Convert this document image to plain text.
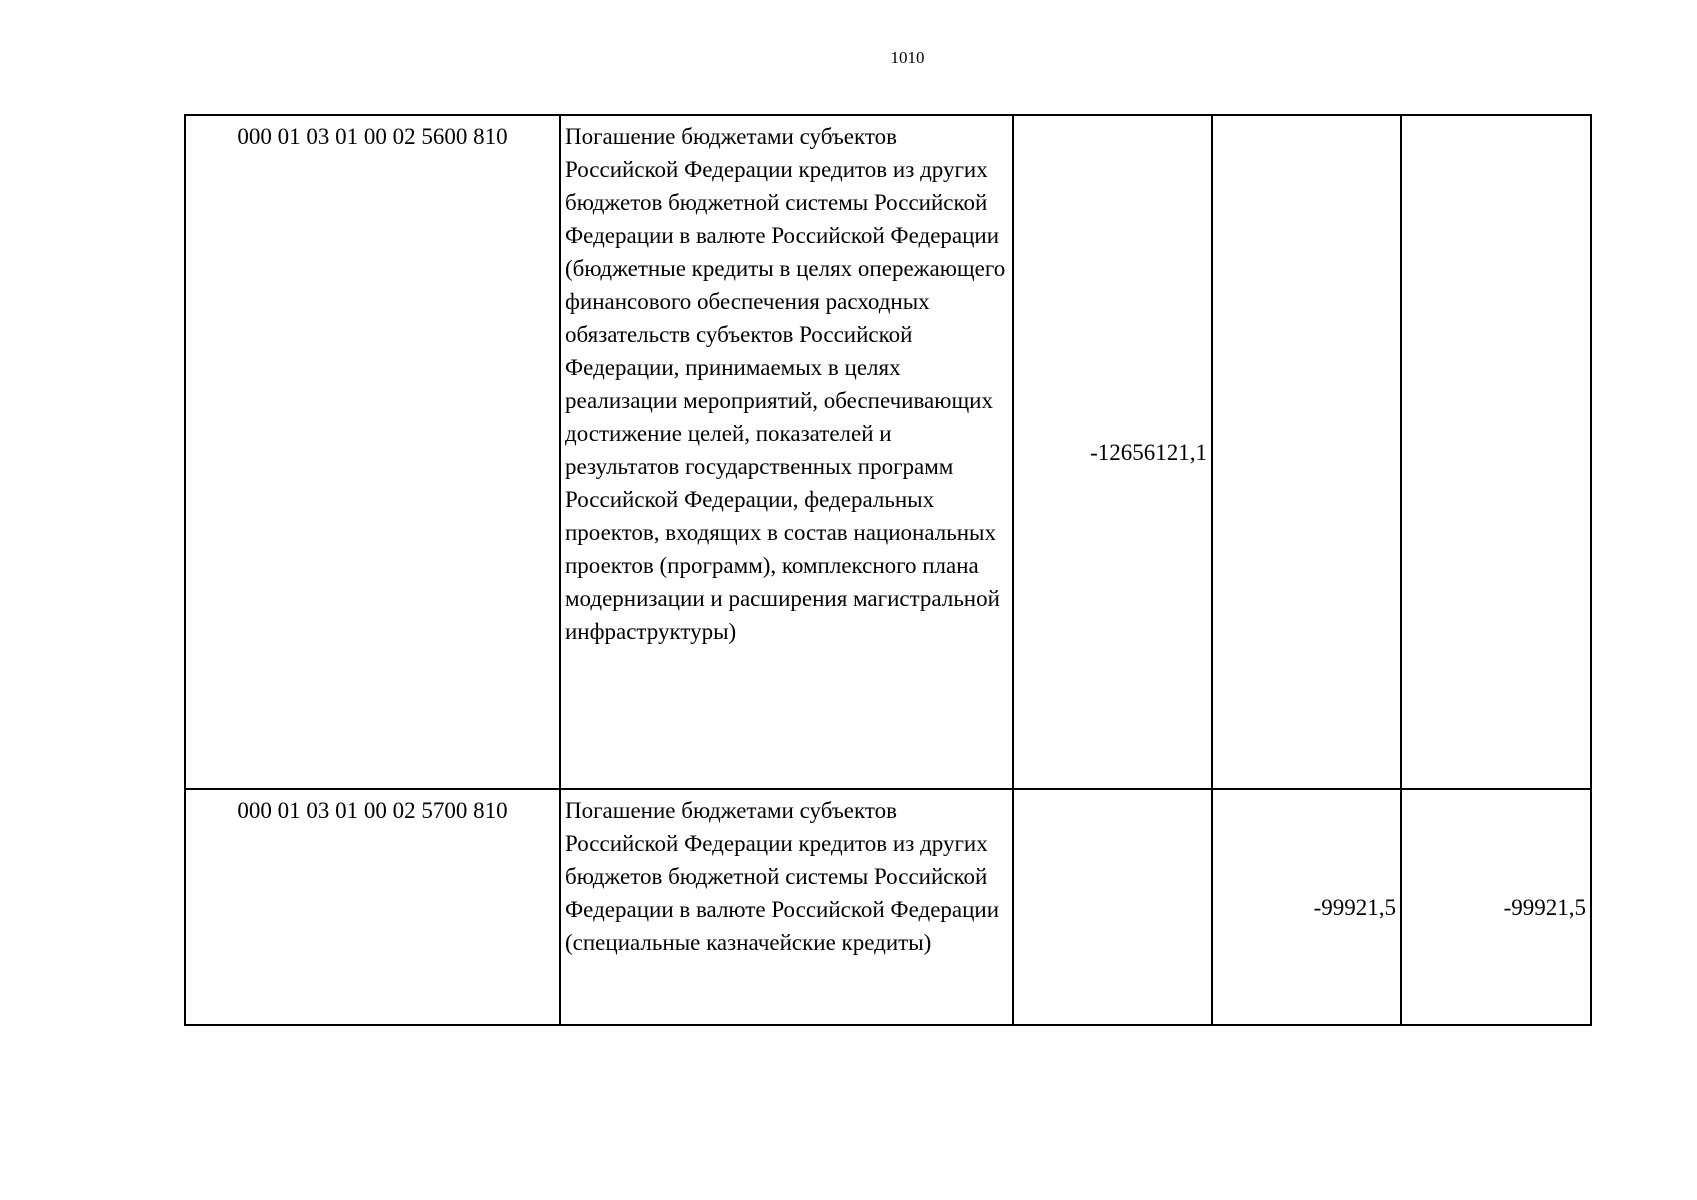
1010
000 01 03 01 00 02 5600 810	Погашение бюджетами субъектов Российской Федерации кредитов из других бюджетов бюджетной системы Российской Федерации в валюте Российской Федерации (бюджетные кредиты в целях опережающего финансового обеспечения расходных обязательств субъектов Российской Федерации, принимаемых в целях реализации мероприятий, обеспечивающих достижение целей, показателей и результатов государственных программ Российской Федерации, федеральных проектов, входящих в состав национальных проектов (программ), комплексного плана модернизации и расширения магистральной инфраструктуры)	-12656121,1		
000 01 03 01 00 02 5700 810	Погашение бюджетами субъектов Российской Федерации кредитов из других бюджетов бюджетной системы Российской Федерации в валюте Российской Федерации (специальные казначейские кредиты)		-99921,5	-99921,5
